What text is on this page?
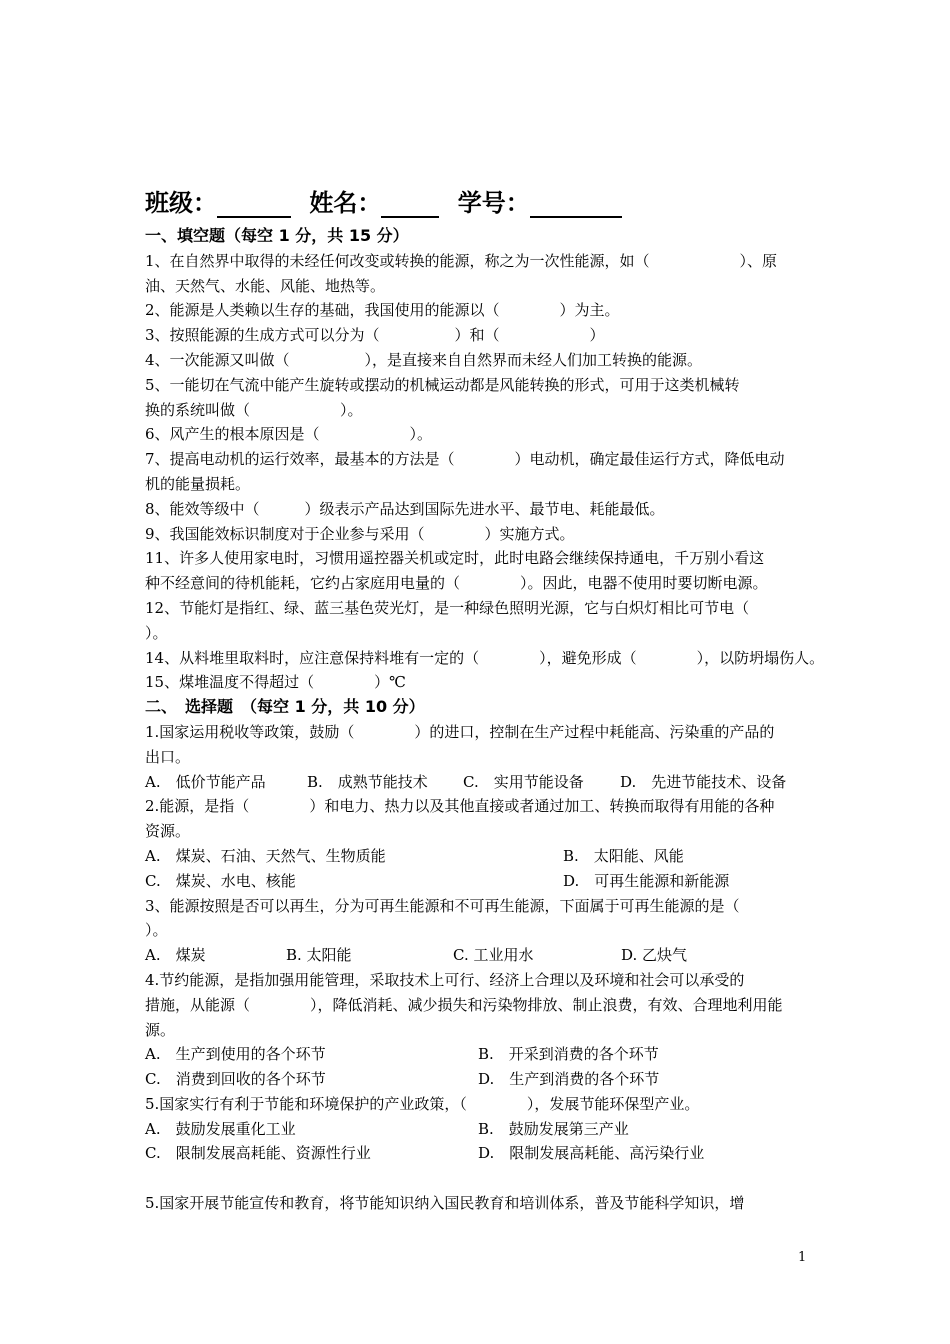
班级：	姓名：	学号：
一、填空题（每空 1 分，共 15 分）
1、在自然界中取得的未经任何改变或转换的能源，称之为一次性能源，如（　　　　　　）、原
油、天然气、水能、风能、地热等。
2、能源是人类赖以生存的基础，我国使用的能源以（　　　　）为主。
3、按照能源的生成方式可以分为（　　　　　）和（　　　　　　）
4、一次能源又叫做（　　　　　），是直接来自自然界而未经人们加工转换的能源。
5、一能切在气流中能产生旋转或摆动的机械运动都是风能转换的形式，可用于这类机械转
换的系统叫做（　　　　　　）。
6、风产生的根本原因是（　　　　　　）。
7、提高电动机的运行效率，最基本的方法是（　　　　）电动机，确定最佳运行方式，降低电动
机的能量损耗。
8、能效等级中（　　　）级表示产品达到国际先进水平、最节电、耗能最低。
9、我国能效标识制度对于企业参与采用（　　　　）实施方式。
11、许多人使用家电时，习惯用遥控器关机或定时，此时电路会继续保持通电，千万别小看这
种不经意间的待机能耗，它约占家庭用电量的（　　　　）。因此，电器不使用时要切断电源。
12、节能灯是指红、绿、蓝三基色荧光灯，是一种绿色照明光源，它与白炽灯相比可节电（
）。
14、从料堆里取料时，应注意保持料堆有一定的（　　　　），避免形成（　　　　），以防坍塌伤人。
15、煤堆温度不得超过（　　　　）℃
二、　选择题　（每空 1 分，共 10 分）
1.国家运用税收等政策，鼓励（　　　　）的进口，控制在生产过程中耗能高、污染重的产品的
出口。
A.　低价节能产品	B.　成熟节能技术 C.　实用节能设备 D.　先进节能技术、设备
2.能源，是指（　　　　）和电力、热力以及其他直接或者通过加工、转换而取得有用能的各种
资源。
A.　煤炭、石油、天然气、生物质能	B.　太阳能、风能
C.　煤炭、水电、核能	D.　可再生能源和新能源
3、能源按照是否可以再生，分为可再生能源和不可再生能源，下面属于可再生能源的是（
）。
A.　煤炭	B. 太阳能	C. 工业用水	D. 乙炔气
4.节约能源，是指加强用能管理，采取技术上可行、经济上合理以及环境和社会可以承受的
措施，从能源（　　　　），降低消耗、减少损失和污染物排放、制止浪费，有效、合理地利用能
源。
A.　生产到使用的各个环节	B.　开采到消费的各个环节
C.　消费到回收的各个环节	D.　生产到消费的各个环节
5.国家实行有利于节能和环境保护的产业政策，（　　　　），发展节能环保型产业。
A.　鼓励发展重化工业	B.　鼓励发展第三产业
C.　限制发展高耗能、资源性行业	D.　限制发展高耗能、高污染行业
5.国家开展节能宣传和教育，将节能知识纳入国民教育和培训体系，普及节能科学知识，增
1
